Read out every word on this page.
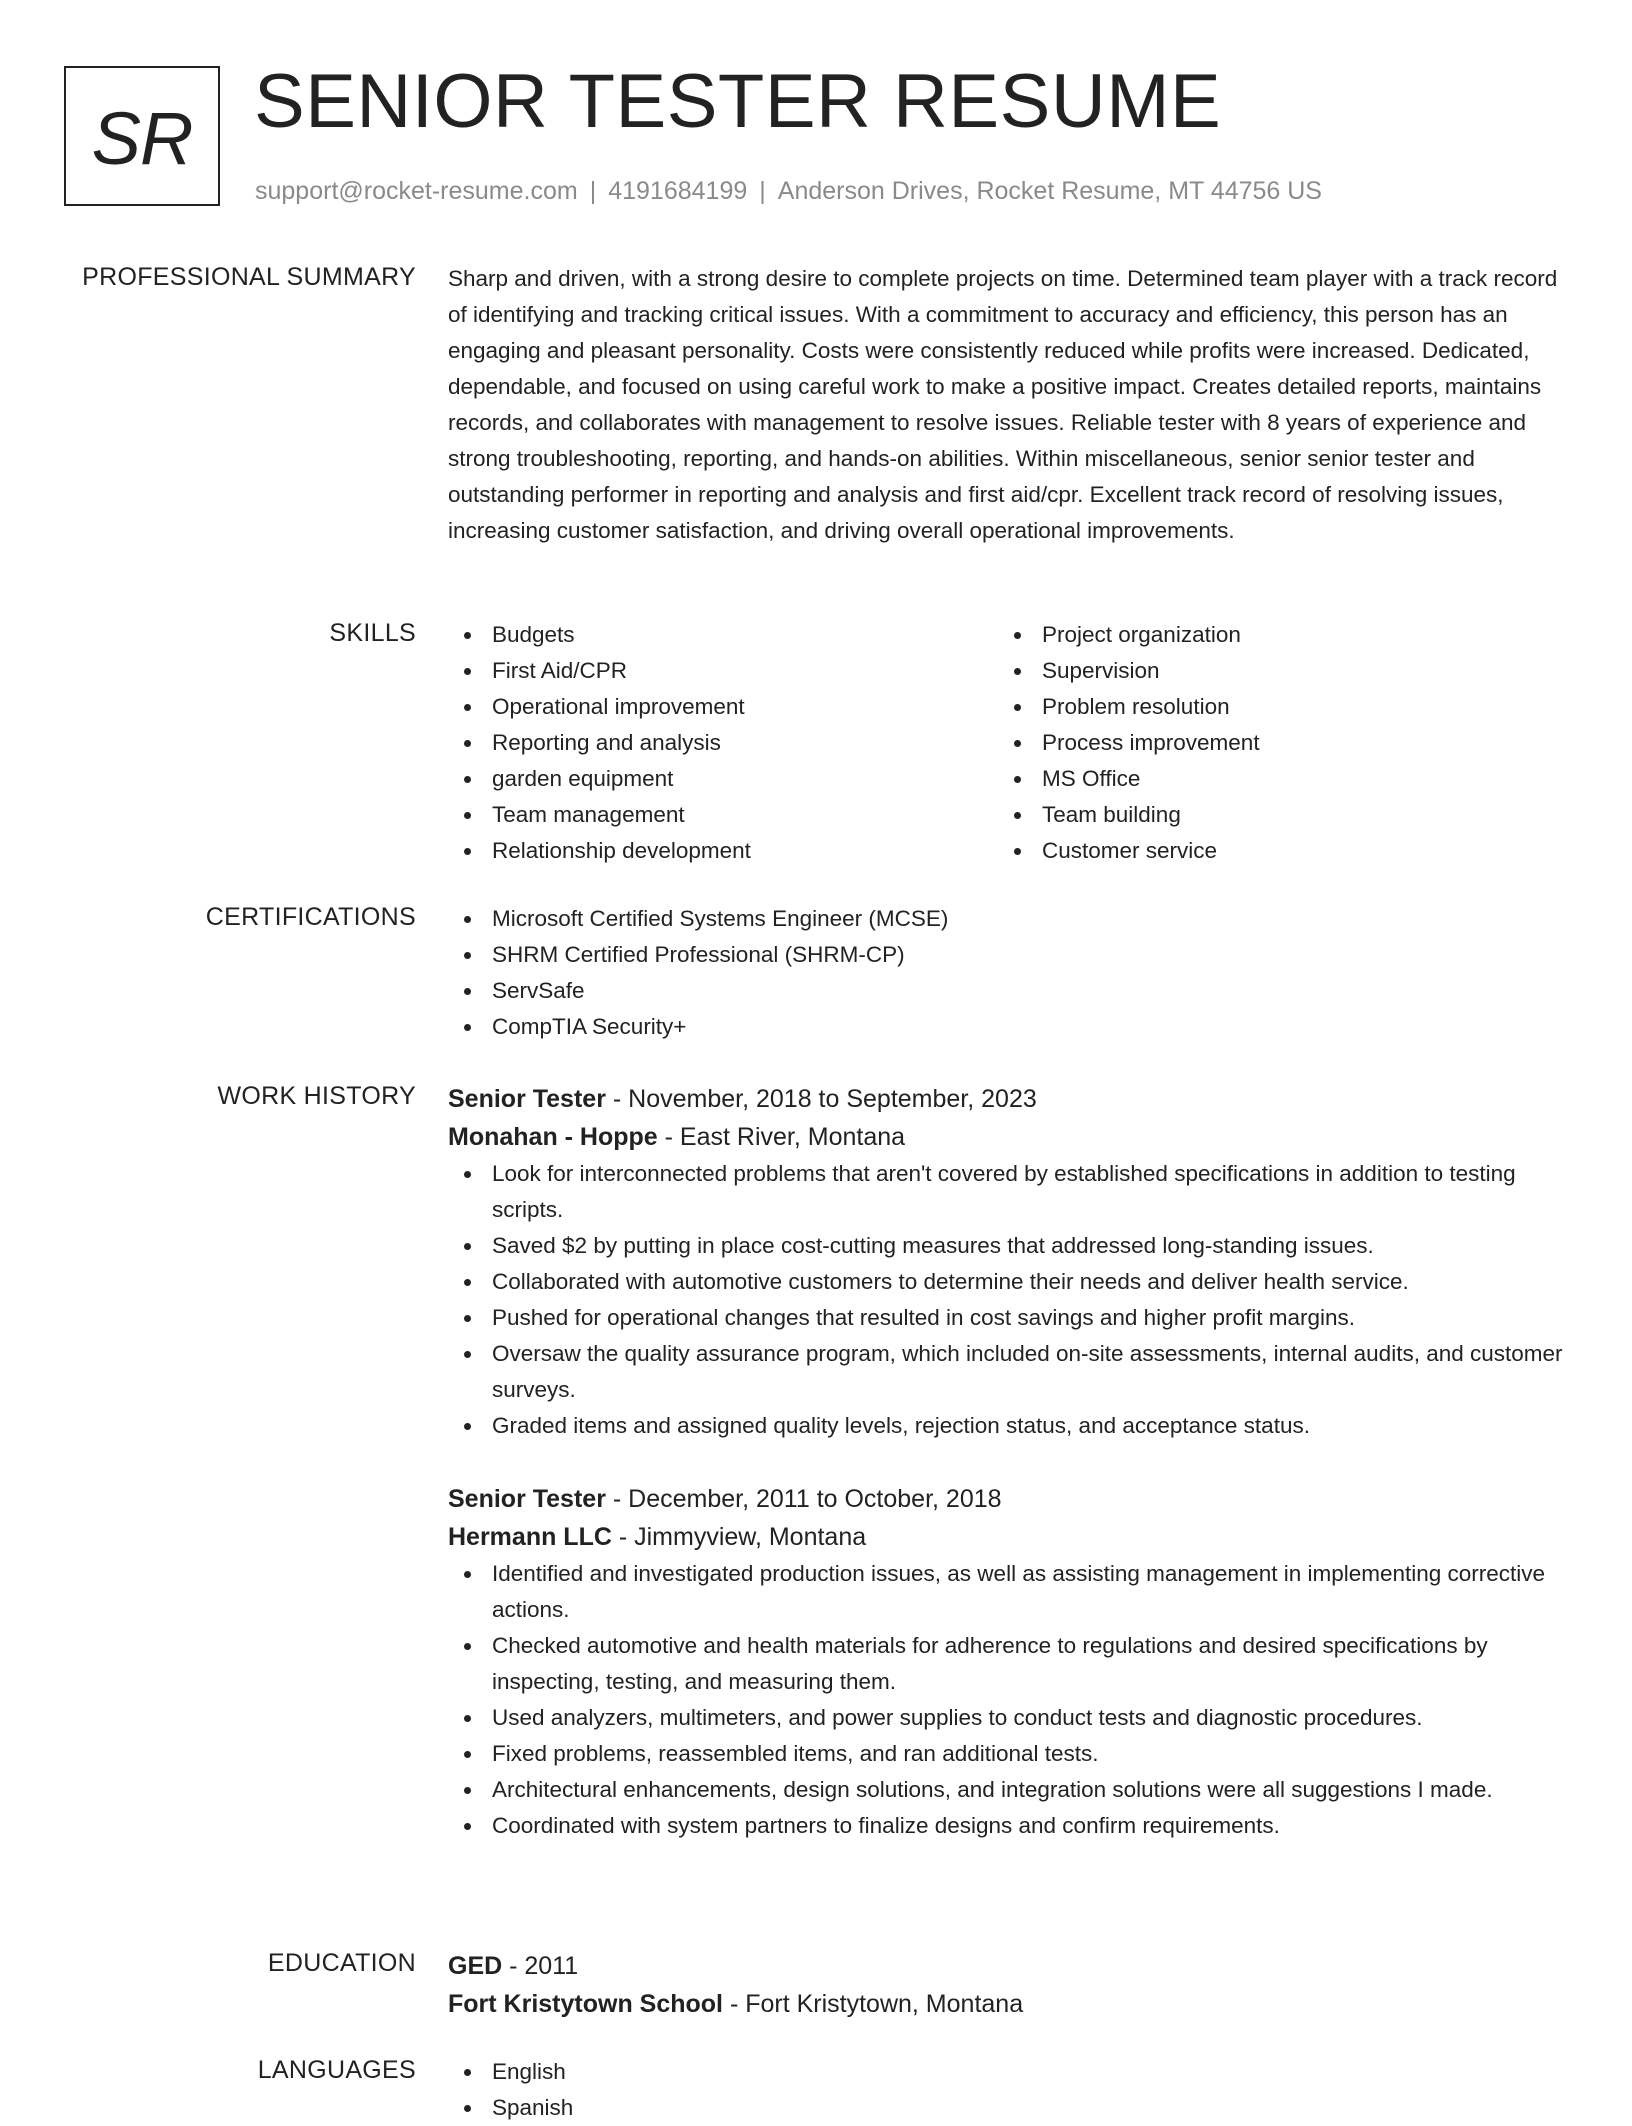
SR SENIOR TESTER RESUME
support@rocket-resume.com | 4191684199 | Anderson Drives, Rocket Resume, MT 44756 US
PROFESSIONAL SUMMARY Sharp and driven, with a strong desire to complete projects on time. Determined team player with a track record of identifying and tracking critical issues. With a commitment to accuracy and efficiency, this person has an engaging and pleasant personality. Costs were consistently reduced while profits were increased. Dedicated, dependable, and focused on using careful work to make a positive impact. Creates detailed reports, maintains records, and collaborates with management to resolve issues. Reliable tester with 8 years of experience and strong troubleshooting, reporting, and hands-on abilities. Within miscellaneous, senior senior tester and outstanding performer in reporting and analysis and first aid/cpr. Excellent track record of resolving issues, increasing customer satisfaction, and driving overall operational improvements.

SKILLS	Budgets
First Aid/CPR
Operational improvement
Reporting and analysis
garden equipment
Team management
Relationship development
Project organization
Supervision
Problem resolution
Process improvement
MS Office
Team building
Customer service
CERTIFICATIONS	Microsoft Certified Systems Engineer (MCSE)
SHRM Certified Professional (SHRM-CP)
ServSafe
CompTIA Security+
WORK HISTORY Senior Tester - November, 2018 to September, 2023
Monahan - Hoppe - East River, Montana
Look for interconnected problems that aren't covered by established specifications in addition to testing scripts.
Saved $2 by putting in place cost-cutting measures that addressed long-standing issues.
Collaborated with automotive customers to determine their needs and deliver health service.
Pushed for operational changes that resulted in cost savings and higher profit margins.
Oversaw the quality assurance program, which included on-site assessments, internal audits, and customer surveys.
Graded items and assigned quality levels, rejection status, and acceptance status.
Senior Tester - December, 2011 to October, 2018
Hermann LLC - Jimmyview, Montana
Identified and investigated production issues, as well as assisting management in implementing corrective actions.
Checked automotive and health materials for adherence to regulations and desired specifications by inspecting, testing, and measuring them.
Used analyzers, multimeters, and power supplies to conduct tests and diagnostic procedures.
Fixed problems, reassembled items, and ran additional tests.
Architectural enhancements, design solutions, and integration solutions were all suggestions I made.
Coordinated with system partners to finalize designs and confirm requirements.
EDUCATION GED - 2011
Fort Kristytown School - Fort Kristytown, Montana
LANGUAGES	English
Spanish
